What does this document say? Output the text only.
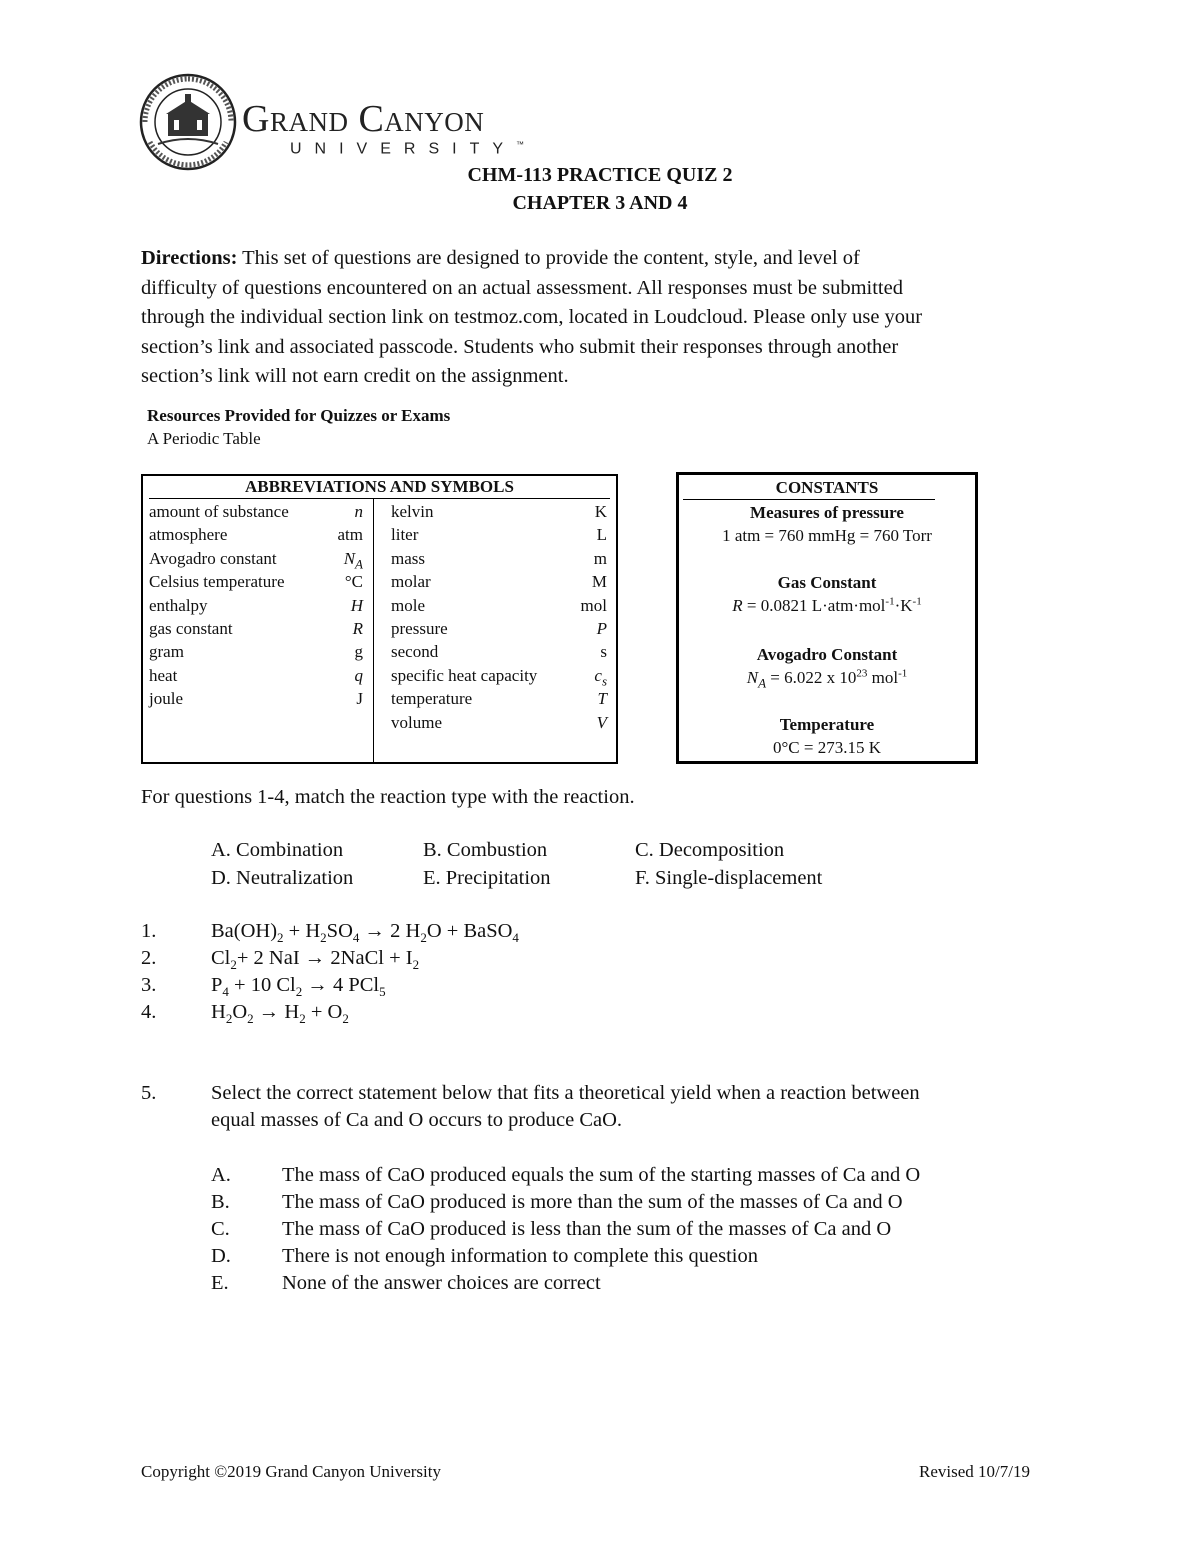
Grand Canyon
UNIVERSITY™
CHM-113 PRACTICE QUIZ 2
CHAPTER 3 AND 4
Directions: This set of questions are designed to provide the content, style, and level of
difficulty of questions encountered on an actual assessment. All responses must be submitted
through the individual section link on testmoz.com, located in Loudcloud. Please only use your
section’s link and associated passcode. Students who submit their responses through another
section’s link will not earn credit on the assignment.
Resources Provided for Quizzes or Exams
A Periodic Table
ABBREVIATIONS AND SYMBOLS
amount of substance	n
atmosphere	atm
Avogadro constant	$N_A$
Celsius temperature	°C
enthalpy	H
gas constant	R
gram	g
heat	q
joule	J
kelvin	K
liter	L
mass	m
molar	M
mole	mol
pressure	P
second	s
specific heat capacity	$c_s$
temperature	T
volume	V
CONSTANTS
Measures of pressure
1 atm = 760 mmHg = 760 Torr
Gas Constant
R = 0.0821 $L\cdot atm\cdot mol^{-1}\cdot K^{-1}$
Avogadro Constant
$N_A = 6.022$ x $10^{23}$ mol$^{-1}$
Temperature
0°C = 273.15 K
For questions 1-4, match the reaction type with the reaction.
A. Combination	B. Combustion	C. Decomposition
D. Neutralization	E. Precipitation	F. Single-displacement
1.	$Ba(OH)_2 + H_2SO_4 \to 2$ $H_2O$ + BaSO$_4$
2.	$Cl_2+ 2$ NaI → 2NaCl + $I_2$
3.	$P_4 + 10$ $Cl_2 \to 4$ PCl$_5$
4.	$H_2O_2 \to H_2 + O_2$
5.	Select the correct statement below that fits a theoretical yield when a reaction between
equal masses of Ca and O occurs to produce CaO.
A. The mass of CaO produced equals the sum of the starting masses of Ca and O
B.	The mass of CaO produced is more than the sum of the masses of Ca and O
C.	The mass of CaO produced is less than the sum of the masses of Ca and O
D. There is not enough information to complete this question
E.	None of the answer choices are correct
Copyright ©2019 Grand Canyon University	Revised 10/7/19
